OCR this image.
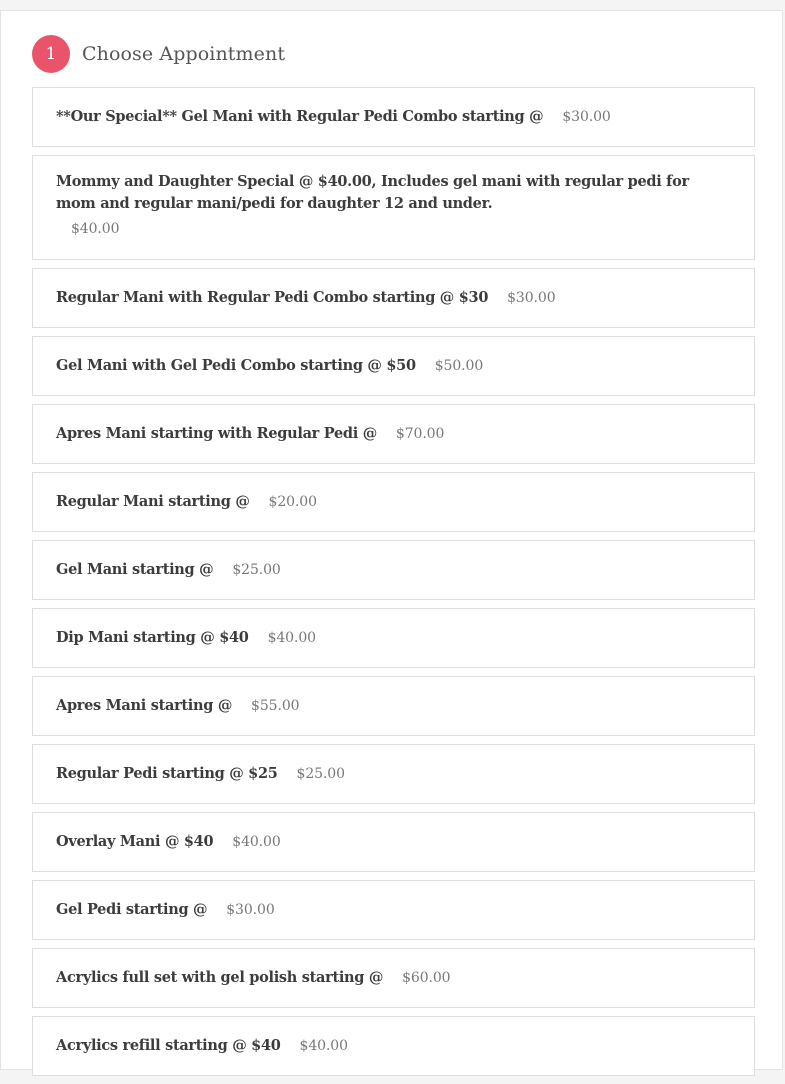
1	Choose Appointment
**Our Special** Gel Mani with Regular Pedi Combo starting @ $30.00
Mommy and Daughter Special @ $40.00, Includes gel mani with regular pedi for mom and regular mani/pedi for daughter 12 and under.
$40.00
Regular Mani with Regular Pedi Combo starting @ $30 $30.00
Gel Mani with Gel Pedi Combo starting @ $50 $50.00
Apres Mani starting with Regular Pedi @ $70.00
Regular Mani starting @ $20.00
Gel Mani starting @ $25.00
Dip Mani starting @ $40 $40.00
Apres Mani starting @ $55.00
Regular Pedi starting @ $25 $25.00
Overlay Mani @ $40 $40.00
Gel Pedi starting @ $30.00
Acrylics full set with gel polish starting @ $60.00
Acrylics refill starting @ $40 $40.00
